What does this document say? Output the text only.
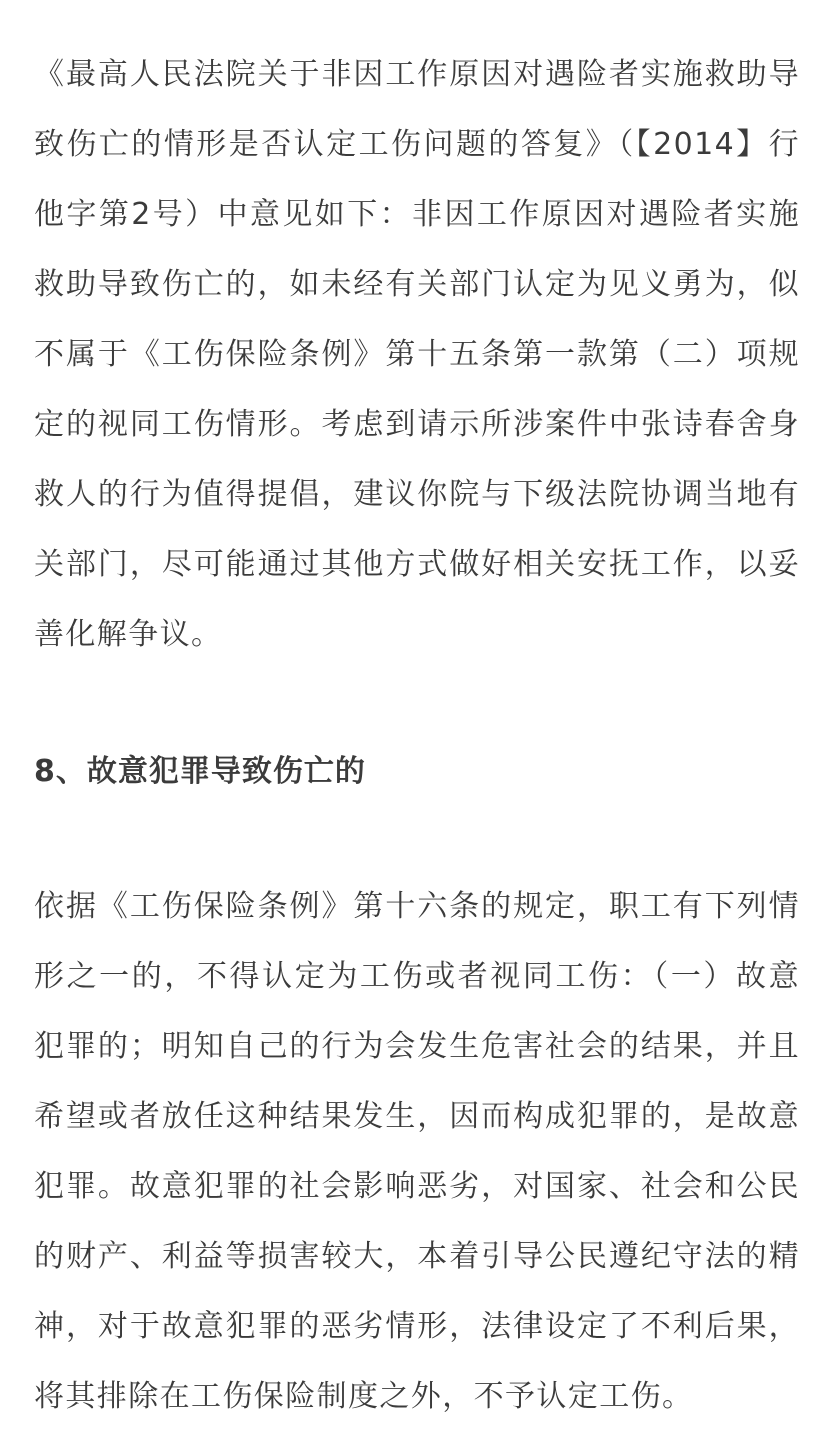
《最高人民法院关于非因工作原因对遇险者实施救助导致伤亡的情形是否认定工伤问题的答复》（【2014】行他字第2号）中意见如下：非因工作原因对遇险者实施救助导致伤亡的，如未经有关部门认定为见义勇为，似不属于《工伤保险条例》第十五条第一款第（二）项规定的视同工伤情形。考虑到请示所涉案件中张诗春舍身救人的行为值得提倡，建议你院与下级法院协调当地有关部门，尽可能通过其他方式做好相关安抚工作，以妥善化解争议。

8、故意犯罪导致伤亡的

依据《工伤保险条例》第十六条的规定，职工有下列情形之一的，不得认定为工伤或者视同工伤：（一）故意犯罪的；明知自己的行为会发生危害社会的结果，并且希望或者放任这种结果发生，因而构成犯罪的，是故意犯罪。故意犯罪的社会影响恶劣，对国家、社会和公民的财产、利益等损害较大，本着引导公民遵纪守法的精神，对于故意犯罪的恶劣情形，法律设定了不利后果，将其排除在工伤保险制度之外，不予认定工伤。
